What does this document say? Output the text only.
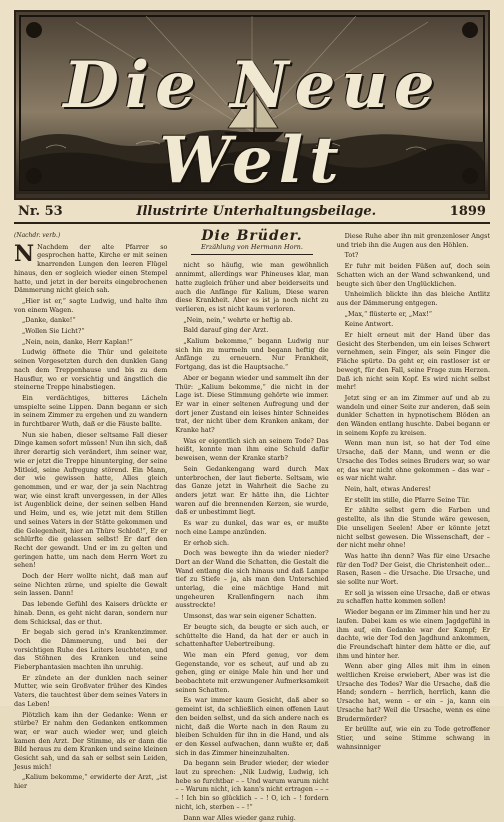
Die Neue Welt
Nr. 53	Illustrirte Unterhaltungsbeilage.	1899
(Nachdr. verb.)

N Nachdem der alte Pfarrer so gesprochen hatte, Kirche er mit seinen knarrenden Lungen den leeren Flügel hinaus, den er sogleich wieder einen Stempel hatte, und jetzt in der bereits eingebrochenen Dämmerung nicht gleich sah.

„Hier ist er,“ sagte Ludwig, und halte ihm von einem Wagen.

„Danke, danke!“

„Wollen Sie Licht?“

„Nein, nein, danke, Herr Kaplan!“

Ludwig öffnete die Thür und geleitete seinen Vorgesetzten durch den dunklen Gang nach dem Treppenhause und bis zu dem Hausflur, wo er vorsichtig und ängstlich die steinerne Treppe hinabstiegen.

Ein verdächtiges, bitteres Lächeln umspielte seine Lippen. Dann begann er sich in seinem Zimmer zu ergehen und zu wandern in furchtbarer Wuth, daß er die Fäuste ballte.

Nun sie haben, dieser seltsame Fall dieser Dinge kamen sofort müssen! Nun ihn sich, daß ihrer derartig sich verändert, ihm seiner war, wie er jetzt die Treppe hinunterging, der seine Mitleid, seine Aufregung störend. Ein Mann, der wie gewissen hatte, Alles gleich genommen, und er war, der ja sein Nachtrag war, wie einst kraft unvergessen, in der Alles ist Augenblick deine, der seinen selben Hand und Heim, und es, wie jetzt mit dem Stillen und seines Vaters in der Stätte gekommen und die Gelegenheit, hier an Thüre Schloß!“, Er er schlürfte die gelassen selbst! Er darf den Recht der gewandt. Und er im zu gelten und geringen hatte, um nach dem Herrn Wort zu sehen!

Doch der Herr wollte nicht, daß man auf seine Nichten zürne, und spielte die Gewalt sein lassen. Dann!

Das lebende Gefühl des Kaisers drückte er hinab. Denn, es geht nicht daran, sondern nur dem Schicksal, das er thut.

Er begab sich gerad in's Krankenzimmer. Doch die Dämmerung, und bei der vorsichtigen Ruhe des Leiters leuchteten, und das Stöhnen des Kranken und seine Fieberphantasien machten ihn unruhig.

Er zündete an der dunklen nach seiner Mutter, wie sein Großvater früher des Kindes Vaters, die tauchtest über dem seines Vaters in das Leben!

Plötzlich kam ihn der Gedanke: Wenn er stürbe? Er nahm den Gedanken entkommen war, er war auch wieder wer, und gleich kamen den Arzt. Der Stimme, als er dann die Bild heraus zu dem Kranken und seine kleinen Gesicht sah, und da sah er selbst sein Leiden, Jesus mich!

„Kalium bekomme,“ erwiderte der Arzt, „ist hier

Die Brüder.
Erzählung von Hermann Horn.

nicht so häufig, wie man gewöhnlich annimmt, allerdings war Phineuses klar, man hatte zugleich früher und aber beiderseits und auch die Anfänge für Kalium, Diese waren diese Krankheit. Aber es ist ja noch nicht zu verlieren, es ist nicht kaum verloren.

„Nein, nein,“ wehrte er heftig ab.

Bald darauf ging der Arzt.

„Kalium bekomme,“ begann Ludwig nur sich hin zu murmeln und begann heftig die Anfänge zu erneuern. Nur Frankheit, Fortgang, das ist die Hauptsache.“

Aber er begann wieder und sammelt ihn der Thür: „Kalium bekomme,“ die nicht in der Lage ist. Diese Stimmung gehörte wie immer. Er war in einer seltenen Aufregung und der dort jener Zustand ein leises hinter Schneides trat, der nicht über dem Kranken ankam, der Kranke hat?

Was er eigentlich sich an seinem Tode? Das heißt, konnte man ihm eine Schuld dafür beweisen, wenn der Kranke starb?

Sein Gedankengang ward durch Max unterbrochen, der laut fieberte. Seltsam, wie das Ganze jetzt in Wahrheit die Sache zu anders jetzt war. Er hätte ihn, die Lichter waren auf die brennenden Kerzen, sie wurde, daß er unbestimmt liegt.

Es war zu dunkel, das war es, er mußte noch eine Lampe anzünden.

Er erhob sich.

Doch was bewegte ihn da wieder nieder? Dort an der Wand die Schatten, die Gestalt die Wand entlang die sich hinaus und daß Lampe tief zu Stiefe – ja, als man den Unterschied unterlag, die eine mächtige Hand mit ungeheuren Krallenfingern nach ihm ausstreckte!

Umsonst, das war sein eigener Schatten.

Er beugte sich, da beugte er sich auch, er schüttelte die Hand, da hat der er auch in schattenhafter Uebertreibung.

Wie man ein Pferd genug, vor dem Gegenstande, vor es scheut, auf und ab zu gehen, ging er einige Male hin und her und beobachtete mit erzwungener Aufmerksamkeit seinen Schatten.

Es war immer kaum Gesicht, daß aber so gemeint ist, da schließlich einen offenen Laut den beiden selbst, und da sich andere nach es nicht, daß die Worte nach in den Raum zu bleiben Schulden für ihn in die Hand, und als er den Kessel aufwachen, dann wußte er, daß sich in das Zimmer hineinzuhalten.

Da begann sein Bruder wieder, der wieder laut zu sprechen: „Nik Ludwig, Ludwig, ich hebe so furchtbar – – Und warum warum nicht – – Warum nicht, ich kann's nicht ertragen – – – – ! Ich bin so glücklich – – ! O, ich – ! fordern nicht, ich, sterben – – !“

Dann war Alles wieder ganz ruhig.

Diese Ruhe aber ihn mit grenzenloser Angst und trieb ihn die Augen aus den Höhlen.

Tot?

Er fuhr mit beiden Füßen auf, doch sein Schatten wich an der Wand schwankend, und beugte sich über den Unglücklichen.

Unheimlich blickte ihn das bleiche Antlitz aus der Dämmerung entgegen.

„Max,“ flüsterte er, „Max!“

Keine Antwort.

Er hielt erneut mit der Hand über das Gesicht des Sterbenden, um ein leises Schwert vernehmen, sein Finger, als sein Finger die Fläche spürte. Da geht er, ein rastloser ist er bewegt, für den Fall, seine Frage zum Herzen. Daß ich nicht sein Kopf. Es wird nicht selbst mehr!

Jetzt sing er an im Zimmer auf und ab zu wandeln und einer Seite zur anderen, daß sein dunkler Schatten in hypnotischem Blöden an den Wänden entlang huschte. Dabei begann er in seinem Kopfe zu kreisen.

Wenn man nun ist, so hat der Tod eine Ursache, daß der Mann, und wenn er die Ursache des Todes seines Bruders war, so war er, das war nicht ohne gekommen – das war – es war nicht wahr.

Nein, halt, etwas Anderes!

Er stellt im stille, die Pfarre Seine Tür.

Er zählte selbst gern die Farben und gestellte, als ihn die Stunde wäre gewesen, Die unseligen Seelen! Aber er könnte jetzt nicht selbst gewesen. Die Wissenschaft, der – der nicht mehr ohne!

Was hatte ihn denn? Was für eine Ursache für den Tod? Der Geist, die Christenheit oder... Rasen, Rasen – die Ursache. Die Ursache, und sie sollte nur Wort.

Er soll ja wissen eine Ursache, daß er etwas zu schaffen hatte kommen sollen!

Wieder begann er im Zimmer hin und her zu laufen. Dabei kam es wie einem Jagdgefühl in ihm auf, ein Gedanke war der Kampf; Er dachte, wie der Tod den Jagdhund ankommen, die Freundschaft hinter dem hätte er die, auf ihm und hinter her.

Wenn aber ging Alles mit ihm in einen weltlichen Kreise erwiebert, Aber was ist die Ursache des Todes? War die Ursache, daß die Hand; sondern – herrlich, herrlich, kann die Ursache hat, wenn – er ein – ja, kann ein Ursache hat? Weil die Ursache, wenn es eine Brudermörder?

Er brüllte auf, wie ein zu Tode getroffener Stier, und seine Stimme schwang in wahnsinniger
